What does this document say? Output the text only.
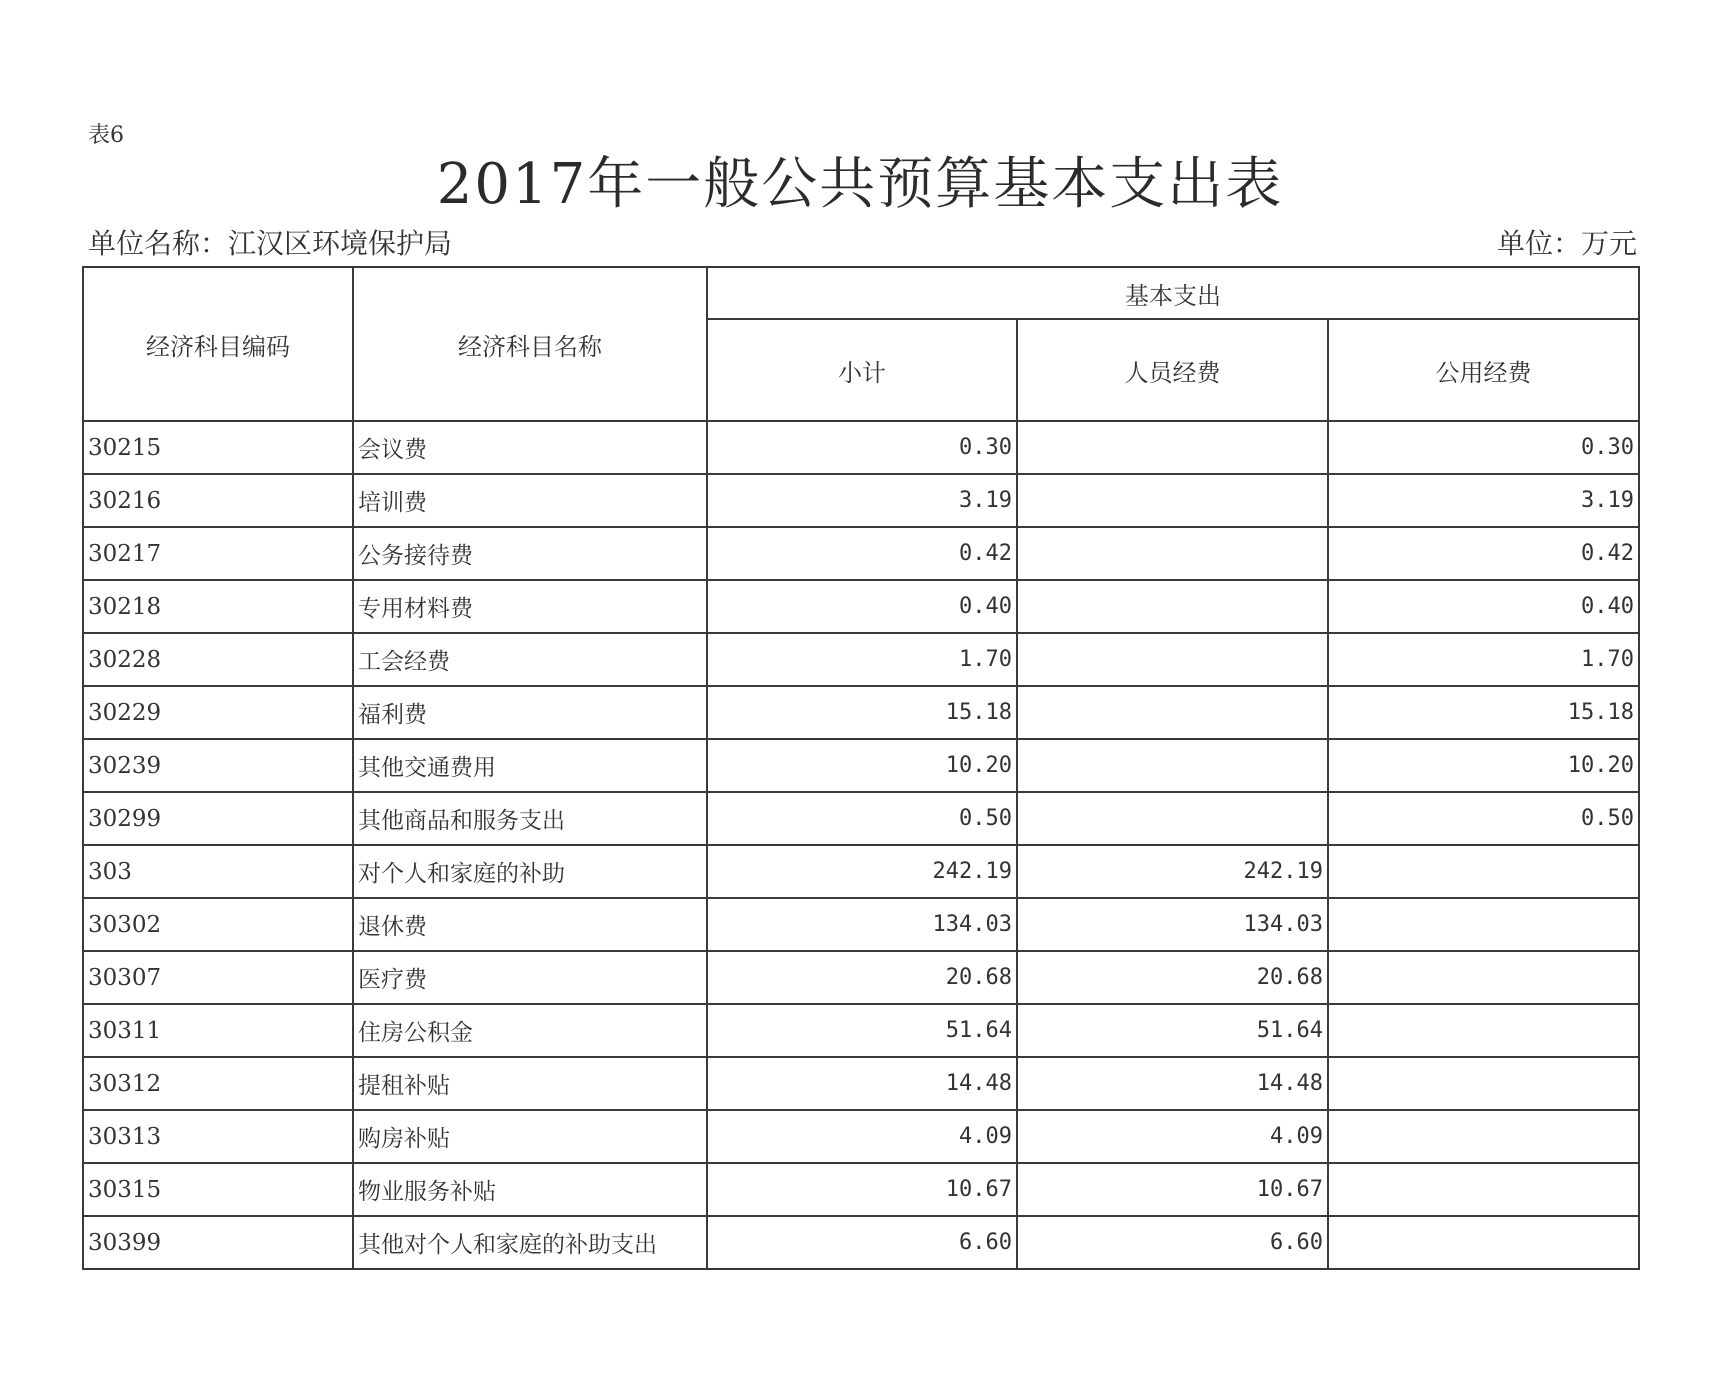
表6
2017年一般公共预算基本支出表
单位名称：江汉区环境保护局	单位：万元
经济科目编码	经济科目名称	基本支出		
		小计	人员经费	公用经费
30215	会议费	0.30		0.30
30216	培训费	3.19		3.19
30217	公务接待费	0.42		0.42
30218	专用材料费	0.40		0.40
30228	工会经费	1.70		1.70
30229	福利费	15.18		15.18
30239	其他交通费用	10.20		10.20
30299	其他商品和服务支出	0.50		0.50
303	对个人和家庭的补助	242.19	242.19	
30302	退休费	134.03	134.03	
30307	医疗费	20.68	20.68	
30311	住房公积金	51.64	51.64	
30312	提租补贴	14.48	14.48	
30313	购房补贴	4.09	4.09	
30315	物业服务补贴	10.67	10.67	
30399	其他对个人和家庭的补助支出	6.60	6.60	
